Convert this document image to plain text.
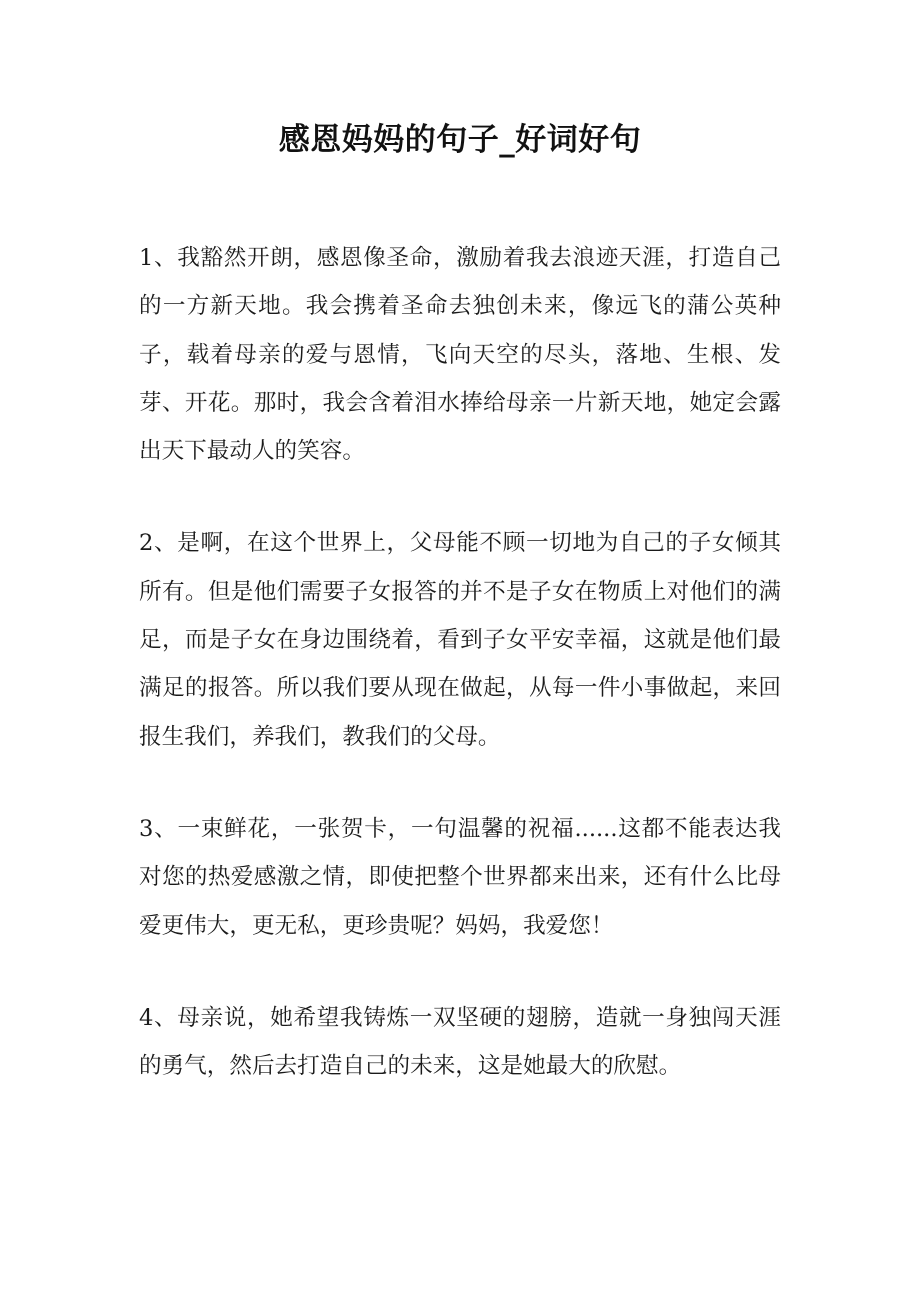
感恩妈妈的句子_好词好句

1、我豁然开朗，感恩像圣命，激励着我去浪迹天涯，打造自己的一方新天地。我会携着圣命去独创未来，像远飞的蒲公英种子，载着母亲的爱与恩情，飞向天空的尽头，落地、生根、发芽、开花。那时，我会含着泪水捧给母亲一片新天地，她定会露出天下最动人的笑容。

2、是啊，在这个世界上，父母能不顾一切地为自己的子女倾其所有。但是他们需要子女报答的并不是子女在物质上对他们的满足，而是子女在身边围绕着，看到子女平安幸福，这就是他们最满足的报答。所以我们要从现在做起，从每一件小事做起，来回报生我们，养我们，教我们的父母。

3、一束鲜花，一张贺卡，一句温馨的祝福......这都不能表达我对您的热爱感激之情，即使把整个世界都来出来，还有什么比母爱更伟大，更无私，更珍贵呢？妈妈，我爱您！

4、母亲说，她希望我铸炼一双坚硬的翅膀，造就一身独闯天涯的勇气，然后去打造自己的未来，这是她最大的欣慰。
